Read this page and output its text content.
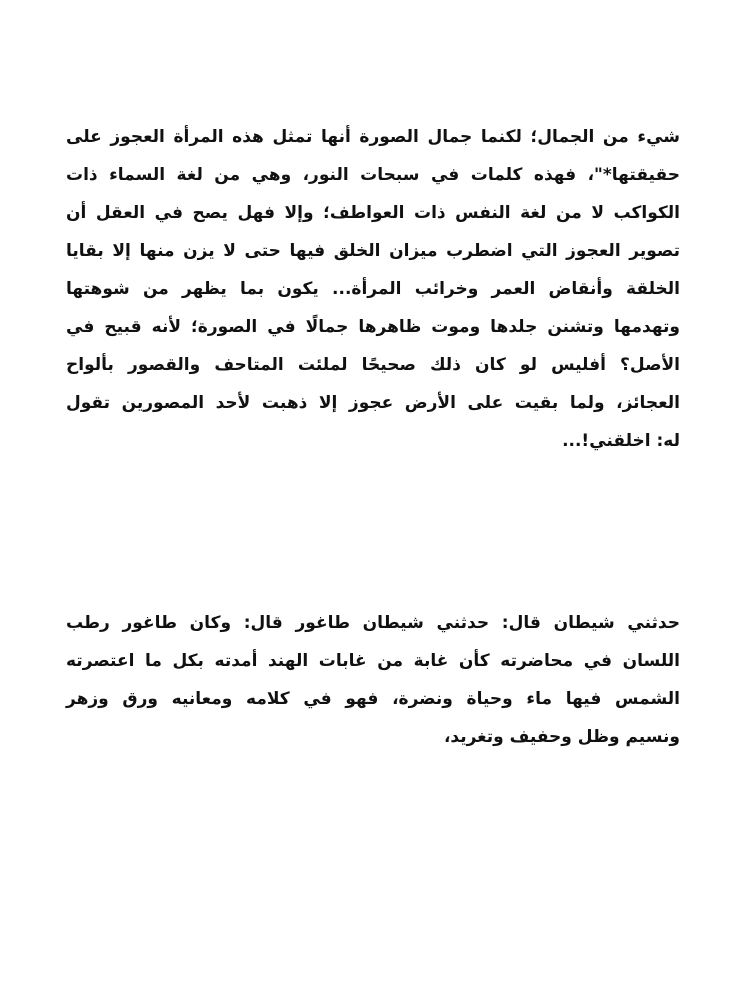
شيء من الجمال؛ لكنما جمال الصورة أنها تمثل هذه المرأة العجوز على
حقيقتها*"، فهذه كلمات في سبحات النور، وهي من لغة السماء ذات
الكواكب لا من لغة النفس ذات العواطف؛ وإلا فهل يصح في العقل أن
تصوير العجوز التي اضطرب ميزان الخلق فيها حتى لا يزن منها إلا بقايا
الخلقة وأنقاض العمر وخرائب المرأة... يكون بما يظهر من شوهتها
وتهدمها وتشنن جلدها وموت ظاهرها جمالًا في الصورة؛ لأنه قبيح في
الأصل؟ أفليس لو كان ذلك صحيحًا لملئت المتاحف والقصور بألواح
العجائز، ولما بقيت على الأرض عجوز إلا ذهبت لأحد المصورين تقول
له: اخلقني!...
حدثني شيطان قال: حدثني شيطان طاغور قال: وكان طاغور رطب
اللسان في محاضرته كأن غابة من غابات الهند أمدته بكل ما اعتصرته
الشمس فيها ماء وحياة ونضرة، فهو في كلامه ومعانيه ورق وزهر
ونسيم وظل وحفيف وتغريد،
